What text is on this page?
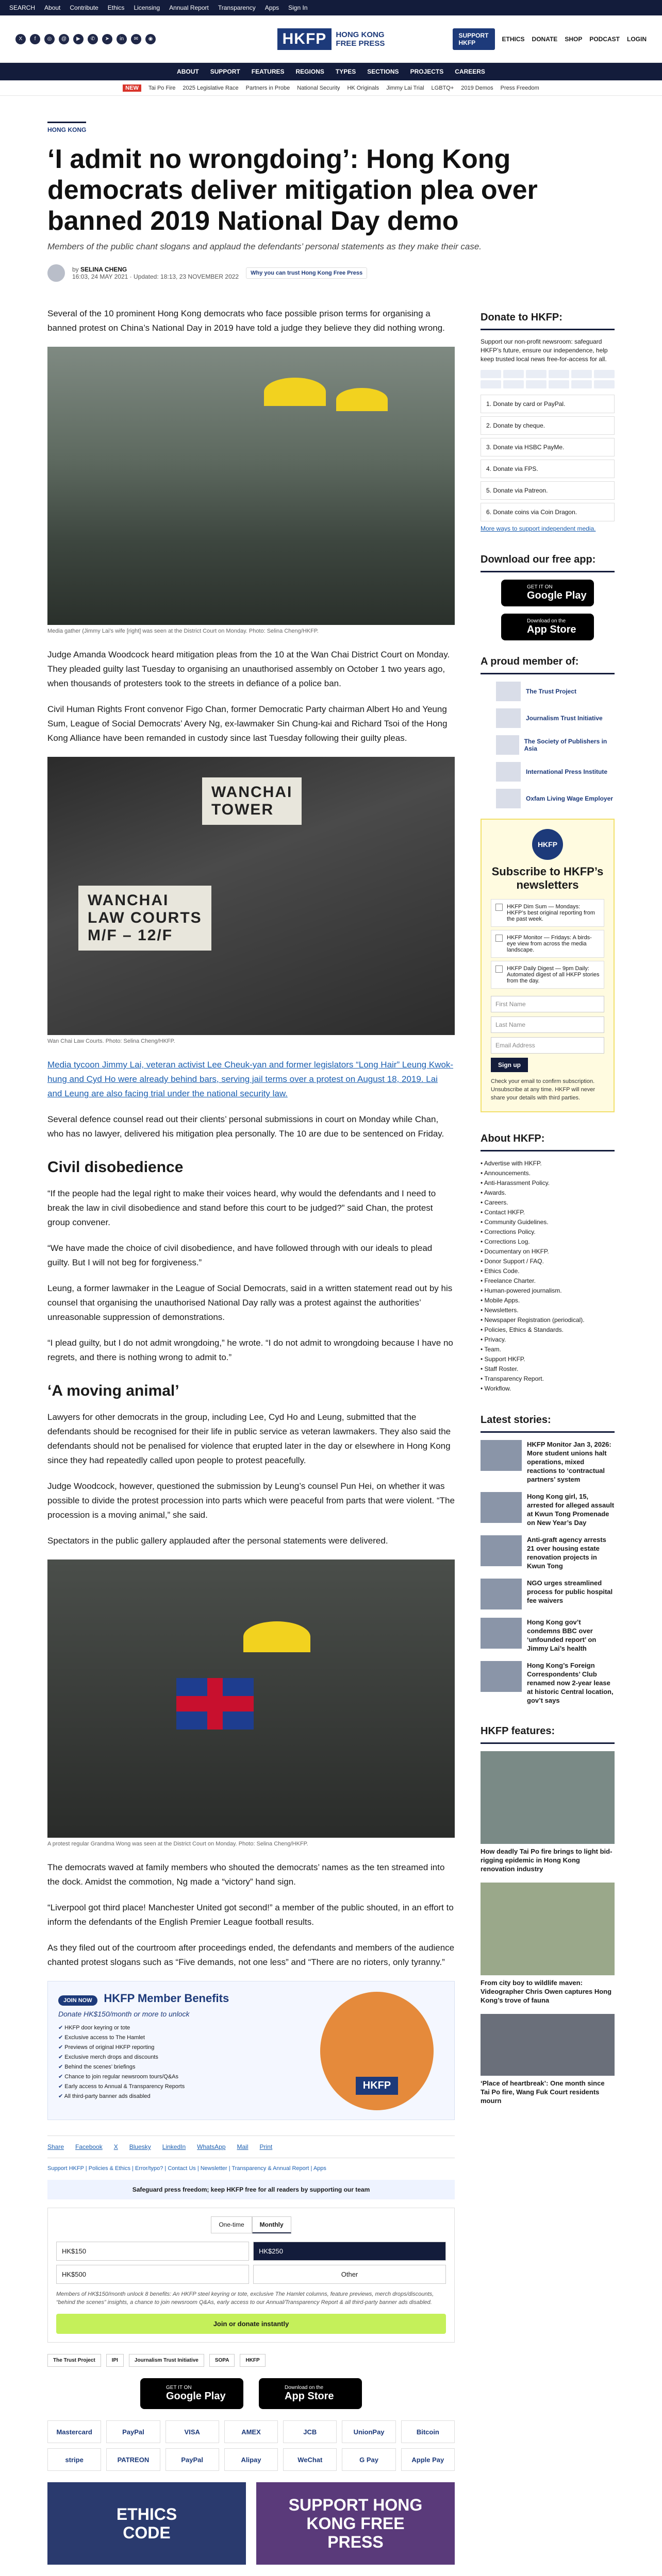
SEARCH About Contribute Ethics Licensing Annual Report Transparency Apps Sign In
X	f	◎	@	▶	✆	➤	in	✉	◉	HKFP	HONG KONG
FREE PRESS
SUPPORT HKFP	ETHICS DONATE SHOP PODCAST LOGIN
ABOUT SUPPORT FEATURES REGIONS TYPES SECTIONS PROJECTS CAREERS
NEW	Tai Po Fire 2025 Legislative Race Partners in Probe National Security HK Originals Jimmy Lai Trial LGBTQ+ 2019 Demos Press Freedom
HONG KONG
‘I admit no wrongdoing’: Hong Kong democrats deliver mitigation plea over banned 2019 National Day demo
Members of the public chant slogans and applaud the defendants’ personal statements as they make their case.
by SELINA CHENG
16:03, 24 MAY 2021 · Updated: 18:13, 23 NOVEMBER 2022	Why you can trust Hong Kong Free Press

Several of the 10 prominent Hong Kong democrats who face possible prison terms for organising a banned protest on China’s National Day in 2019 have told a judge they believe they did nothing wrong.

Media gather (Jimmy Lai’s wife [right] was seen at the District Court on Monday. Photo: Selina Cheng/HKFP.

Judge Amanda Woodcock heard mitigation pleas from the 10 at the Wan Chai District Court on Monday. They pleaded guilty last Tuesday to organising an unauthorised assembly on October 1 two years ago, when thousands of protesters took to the streets in defiance of a police ban.

Civil Human Rights Front convenor Figo Chan, former Democratic Party chairman Albert Ho and Yeung Sum, League of Social Democrats’ Avery Ng, ex-lawmaker Sin Chung-kai and Richard Tsoi of the Hong Kong Alliance have been remanded in custody since last Tuesday following their guilty pleas.

WANCHAI
TOWER
WANCHAI
LAW COURTS
M/F – 12/F
Wan Chai Law Courts. Photo: Selina Cheng/HKFP.

Media tycoon Jimmy Lai, veteran activist Lee Cheuk-yan and former legislators “Long Hair” Leung Kwok-hung and Cyd Ho were already behind bars, serving jail terms over a protest on August 18, 2019. Lai and Leung are also facing trial under the national security law.

Several defence counsel read out their clients’ personal submissions in court on Monday while Chan, who has no lawyer, delivered his mitigation plea personally. The 10 are due to be sentenced on Friday.

Civil disobedience

“If the people had the legal right to make their voices heard, why would the defendants and I need to break the law in civil disobedience and stand before this court to be judged?” said Chan, the protest group convener.

“We have made the choice of civil disobedience, and have followed through with our ideals to plead guilty. But I will not beg for forgiveness.”

Leung, a former lawmaker in the League of Social Democrats, said in a written statement read out by his counsel that organising the unauthorised National Day rally was a protest against the authorities’ unreasonable suppression of demonstrations.

“I plead guilty, but I do not admit wrongdoing,” he wrote. “I do not admit to wrongdoing because I have no regrets, and there is nothing wrong to admit to.”

‘A moving animal’

Lawyers for other democrats in the group, including Lee, Cyd Ho and Leung, submitted that the defendants should be recognised for their life in public service as veteran lawmakers. They also said the defendants should not be penalised for violence that erupted later in the day or elsewhere in Hong Kong since they had repeatedly called upon people to protest peacefully.

Judge Woodcock, however, questioned the submission by Leung’s counsel Pun Hei, on whether it was possible to divide the protest procession into parts which were peaceful from parts that were violent. “The procession is a moving animal,” she said.

Spectators in the public gallery applauded after the personal statements were delivered.

A protest regular Grandma Wong was seen at the District Court on Monday. Photo: Selina Cheng/HKFP.

The democrats waved at family members who shouted the democrats’ names as the ten streamed into the dock. Amidst the commotion, Ng made a “victory” hand sign.

“Liverpool got third place! Manchester United got second!” a member of the public shouted, in an effort to inform the defendants of the English Premier League football results.

As they filed out of the courtroom after proceedings ended, the defendants and members of the audience chanted protest slogans such as “Five demands, not one less” and “There are no rioters, only tyranny.”

JOIN NOW HKFP Member Benefits
Donate HK$150/month or more to unlock
✔ HKFP door keyring or tote
✔ Exclusive access to The Hamlet
✔ Previews of original HKFP reporting
✔ Exclusive merch drops and discounts
✔ Behind the scenes’ briefings
✔ Chance to join regular newsroom tours/Q&As
✔ Early access to Annual & Transparency Reports
✔ All third-party banner ads disabled
HKFP
Share Facebook X Bluesky LinkedIn WhatsApp Mail Print
Support HKFP | Policies & Ethics | Error/typo? | Contact Us | Newsletter | Transparency & Annual Report | Apps
Safeguard press freedom; keep HKFP free for all readers by supporting our team
One-time	Monthly
HK$150	HK$250
HK$500	Other
Members of HK$150/month unlock 8 benefits: An HKFP steel keyring or tote, exclusive The Hamlet columns, feature previews, merch drops/discounts, “behind the scenes” insights, a chance to join newsroom Q&As, early access to our Annual/Transparency Report & all third-party banner ads disabled.
Join or donate instantly
The Trust Project	IPI	Journalism Trust Initiative	SOPA	HKFP
GET IT ON
Google Play
Download on the
App Store
Mastercard	PayPal	VISA	AMEX	JCB	UnionPay	Bitcoin
stripe	PATREON	PayPal	Alipay	WeChat	G Pay	Apple Pay
ETHICS
CODE
SUPPORT HONG
KONG FREE
PRESS
Donate to HKFP:
Support our non-profit newsroom: safeguard HKFP’s future, ensure our independence, help keep trusted local news free-for-access for all.
1. Donate by card or PayPal.
2. Donate by cheque.
3. Donate via HSBC PayMe.
4. Donate via FPS.
5. Donate via Patreon.
6. Donate coins via Coin Dragon.
More ways to support independent media.
Download our free app:
GET IT ON
Google Play
Download on the
App Store
A proud member of:
The Trust Project
Journalism Trust Initiative
The Society of Publishers in Asia
International Press Institute
Oxfam Living Wage Employer
HKFP
Subscribe to HKFP’s newsletters
HKFP Dim Sum — Mondays: HKFP’s best original reporting from the past week.
HKFP Monitor — Fridays: A birds-eye view from across the media landscape.
HKFP Daily Digest — 9pm Daily: Automated digest of all HKFP stories from the day.
First Name
Last Name
Email Address
Sign up
Check your email to confirm subscription. Unsubscribe at any time. HKFP will never share your details with third parties.
About HKFP:
• Advertise with HKFP.
• Announcements.
• Anti-Harassment Policy.
• Awards.
• Careers.
• Contact HKFP.
• Community Guidelines.
• Corrections Policy.
• Corrections Log.
• Documentary on HKFP.
• Donor Support / FAQ.
• Ethics Code.
• Freelance Charter.
• Human-powered journalism.
• Mobile Apps.
• Newsletters.
• Newspaper Registration (periodical).
• Policies, Ethics & Standards.
• Privacy.
• Team.
• Support HKFP.
• Staff Roster.
• Transparency Report.
• Workflow.
Latest stories:
HKFP Monitor Jan 3, 2026: More student unions halt operations, mixed reactions to ‘contractual partners’ system
Hong Kong girl, 15, arrested for alleged assault at Kwun Tong Promenade on New Year’s Day
Anti-graft agency arrests 21 over housing estate renovation projects in Kwun Tong
NGO urges streamlined process for public hospital fee waivers
Hong Kong gov’t condemns BBC over ‘unfounded report’ on Jimmy Lai’s health
Hong Kong’s Foreign Correspondents’ Club renamed now 2-year lease at historic Central location, gov’t says
HKFP features:
How deadly Tai Po fire brings to light bid-rigging epidemic in Hong Kong renovation industry
From city boy to wildlife maven: Videographer Chris Owen captures Hong Kong’s trove of fauna
‘Place of heartbreak’: One month since Tai Po fire, Wang Fuk Court residents mourn
